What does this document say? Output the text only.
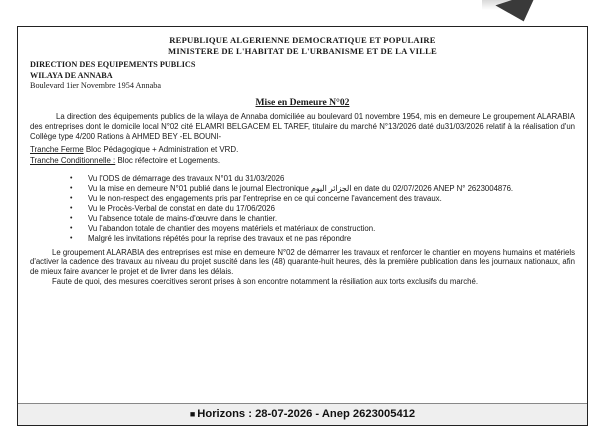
REPUBLIQUE ALGERIENNE DEMOCRATIQUE ET POPULAIRE
MINISTERE DE L'HABITAT DE L'URBANISME ET DE LA VILLE
DIRECTION DES EQUIPEMENTS PUBLICS
WILAYA DE ANNABA
Boulevard 1ier Novembre 1954 Annaba
Mise en Demeure N°02
La direction des équipements publics de la wilaya de Annaba domiciliée au boulevard 01 novembre 1954, mis en demeure Le groupement ALARABIA des entreprises dont le domicile local N°02 cité ELAMRI BELGACEM EL TAREF, titulaire du marché N°13/2026 daté du31/03/2026 relatif à la réalisation d'un Collège type 4/200 Rations à AHMED BEY -EL BOUNI-
Tranche Ferme Bloc Pédagogique + Administration et VRD.
Tranche Conditionnelle : Bloc réfectoire et Logements.
• Vu l'ODS de démarrage des travaux N°01 du 31/03/2026
• Vu la mise en demeure N°01 publié dans le journal Electronique الجزائر اليوم en date du 02/07/2026 ANEP N° 2623004876.
• Vu le non-respect des engagements pris par l'entreprise en ce qui concerne l'avancement des travaux.
• Vu le Procès-Verbal de constat en date du 17/06/2026
• Vu l'absence totale de mains-d'œuvre dans le chantier.
• Vu l'abandon totale de chantier des moyens matériels et matériaux de construction.
• Malgré les invitations répétés pour la reprise des travaux et ne pas répondre
Le groupement ALARABIA des entreprises est mise en demeure N°02 de démarrer les travaux et renforcer le chantier en moyens humains et matériels d'activer la cadence des travaux au niveau du projet suscité dans les (48) quarante-huit heures, dès la première publication dans les journaux nationaux, afin de mieux faire avancer le projet et de livrer dans les délais.
Faute de quoi, des mesures coercitives seront prises à son encontre notamment la résiliation aux torts exclusifs du marché.
■ Horizons : 28-07-2026 - Anep 2623005412
